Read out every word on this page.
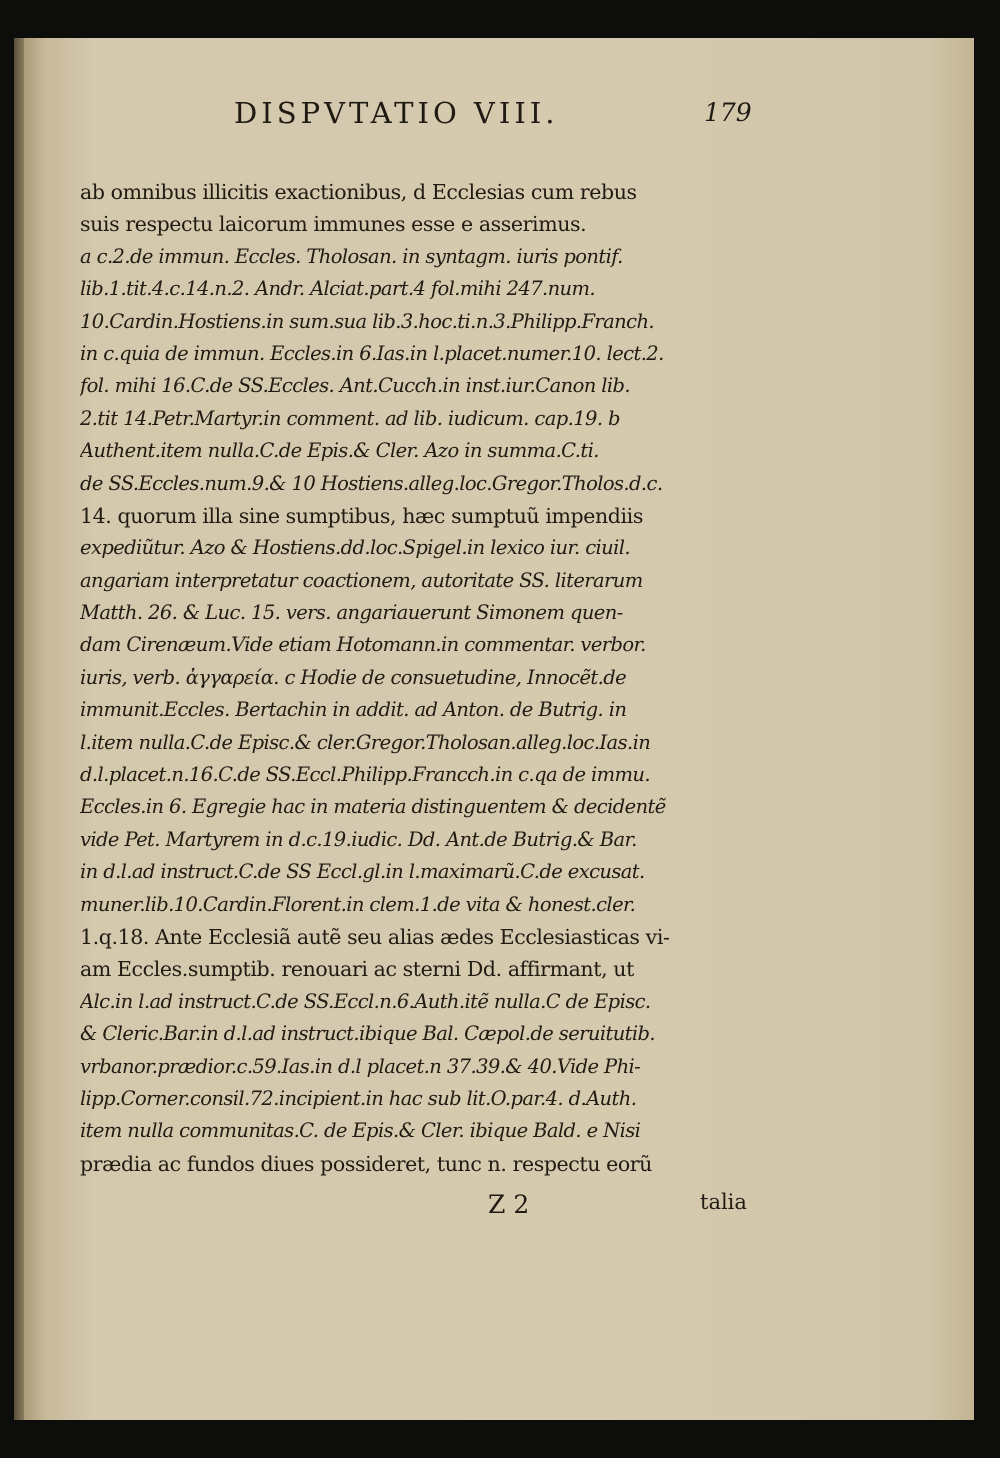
DISPVTATIO VIII.	179
ab omnibus illicitis exactionibus, d Ecclesias cum rebus
suis respectu laicorum immunes esse e asserimus.
a c.2.de immun. Eccles. Tholosan. in syntagm. iuris pontif.
lib.1.tit.4.c.14.n.2. Andr. Alciat.part.4 fol.mihi 247.num.
10.Cardin.Hostiens.in sum.sua lib.3.hoc.ti.n.3.Philipp.Franch.
in c.quia de immun. Eccles.in 6.Ias.in l.placet.numer.10. lect.2.
fol. mihi 16.C.de SS.Eccles. Ant.Cucch.in inst.iur.Canon lib.
2.tit 14.Petr.Martyr.in comment. ad lib. iudicum. cap.19. b
Authent.item nulla.C.de Epis.& Cler. Azo in summa.C.ti.
de SS.Eccles.num.9.& 10 Hostiens.alleg.loc.Gregor.Tholos.d.c.
14. quorum illa sine sumptibus, hæc sumptuũ impendiis
expediũtur. Azo & Hostiens.dd.loc.Spigel.in lexico iur. ciuil.
angariam interpretatur coactionem, autoritate SS. literarum
Matth. 26. & Luc. 15. vers. angariauerunt Simonem quen-
dam Cirenæum.Vide etiam Hotomann.in commentar. verbor.
iuris, verb. ἀγγαρεία. c Hodie de consuetudine, Innocẽt.de
immunit.Eccles. Bertachin in addit. ad Anton. de Butrig. in
l.item nulla.C.de Episc.& cler.Gregor.Tholosan.alleg.loc.Ias.in
d.l.placet.n.16.C.de SS.Eccl.Philipp.Francch.in c.qa de immu.
Eccles.in 6. Egregie hac in materia distinguentem & decidentẽ
vide Pet. Martyrem in d.c.19.iudic. Dd. Ant.de Butrig.& Bar.
in d.l.ad instruct.C.de SS Eccl.gl.in l.maximarũ.C.de excusat.
muner.lib.10.Cardin.Florent.in clem.1.de vita & honest.cler.
1.q.18. Ante Ecclesiã autẽ seu alias ædes Ecclesiasticas vi-
am Eccles.sumptib. renouari ac sterni Dd. affirmant, ut
Alc.in l.ad instruct.C.de SS.Eccl.n.6.Auth.itẽ nulla.C de Episc.
& Cleric.Bar.in d.l.ad instruct.ibique Bal. Cæpol.de seruitutib.
vrbanor.prædior.c.59.Ias.in d.l placet.n 37.39.& 40.Vide Phi-
lipp.Corner.consil.72.incipient.in hac sub lit.O.par.4. d.Auth.
item nulla communitas.C. de Epis.& Cler. ibique Bald. e Nisi
prædia ac fundos diues possideret, tunc n. respectu eorũ
Z 2	talia
